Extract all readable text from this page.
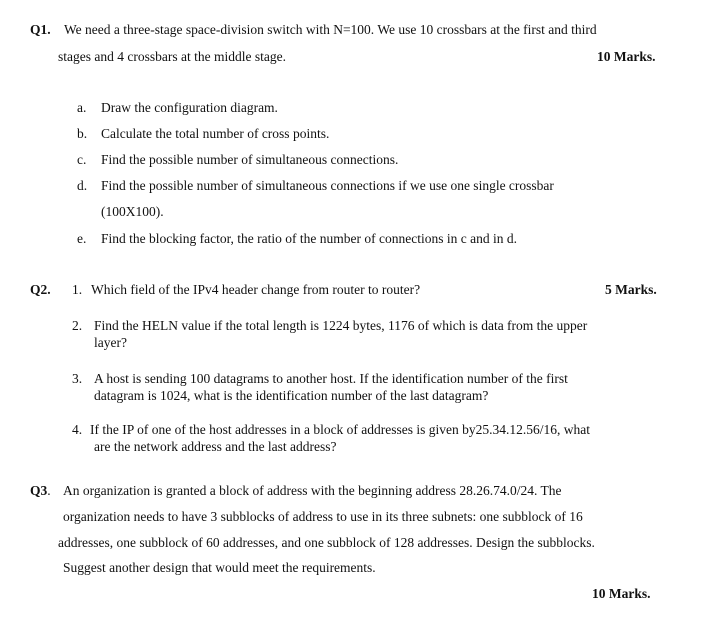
Q1. We need a three-stage space-division switch with N=100. We use 10 crossbars at the first and third
stages and 4 crossbars at the middle stage.	10 Marks.
a. Draw the configuration diagram.
b. Calculate the total number of cross points.
c. Find the possible number of simultaneous connections.
d. Find the possible number of simultaneous connections if we use one single crossbar
(100X100).
e. Find the blocking factor, the ratio of the number of connections in c and in d.
Q2. 1. Which field of the IPv4 header change from router to router?	5 Marks.
2. Find the HELN value if the total length is 1224 bytes, 1176 of which is data from the upper
layer?
3. A host is sending 100 datagrams to another host. If the identification number of the first
datagram is 1024, what is the identification number of the last datagram?
4. If the IP of one of the host addresses in a block of addresses is given by25.34.12.56/16, what
are the network address and the last address?
Q3. An organization is granted a block of address with the beginning address 28.26.74.0/24. The
organization needs to have 3 subblocks of address to use in its three subnets: one subblock of 16
addresses, one subblock of 60 addresses, and one subblock of 128 addresses. Design the subblocks.
Suggest another design that would meet the requirements.
10 Marks.
